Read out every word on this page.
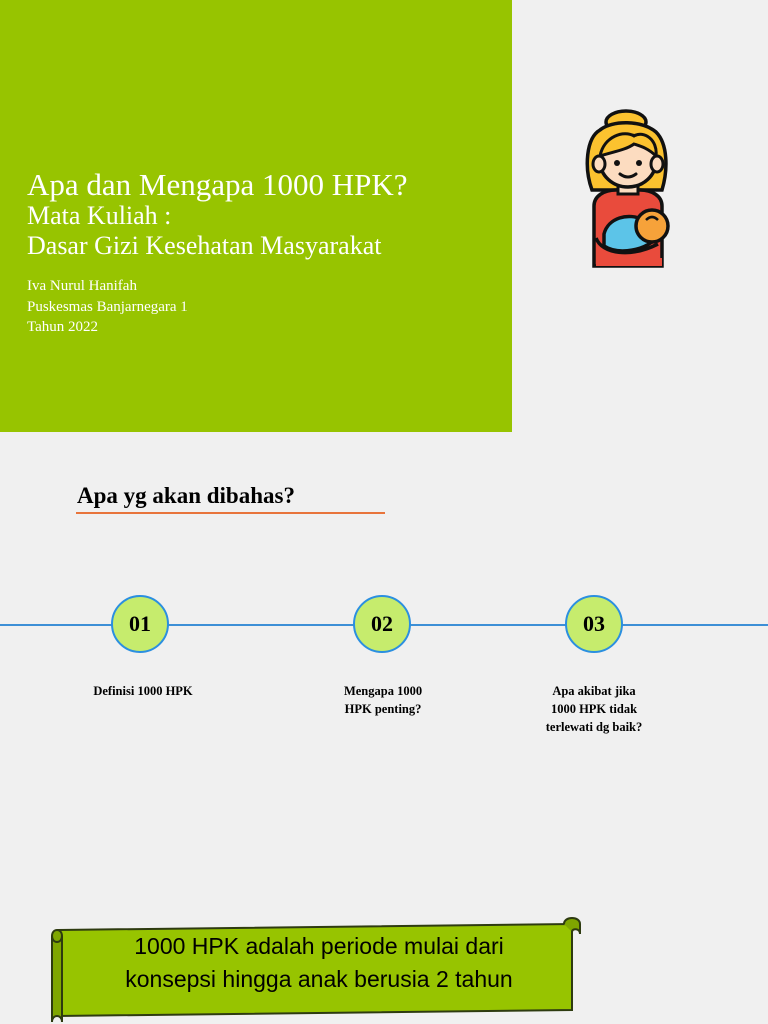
Apa dan Mengapa 1000 HPK?
Mata Kuliah :
Dasar Gizi Kesehatan Masyarakat
Iva Nurul Hanifah
Puskesmas Banjarnegara 1
Tahun 2022
Apa yg akan dibahas?
01	02	03
Definisi 1000 HPK	Mengapa 1000
HPK penting?
Apa akibat jika
1000 HPK tidak
terlewati dg baik?
1000 HPK adalah periode mulai dari
konsepsi hingga anak berusia 2 tahun
